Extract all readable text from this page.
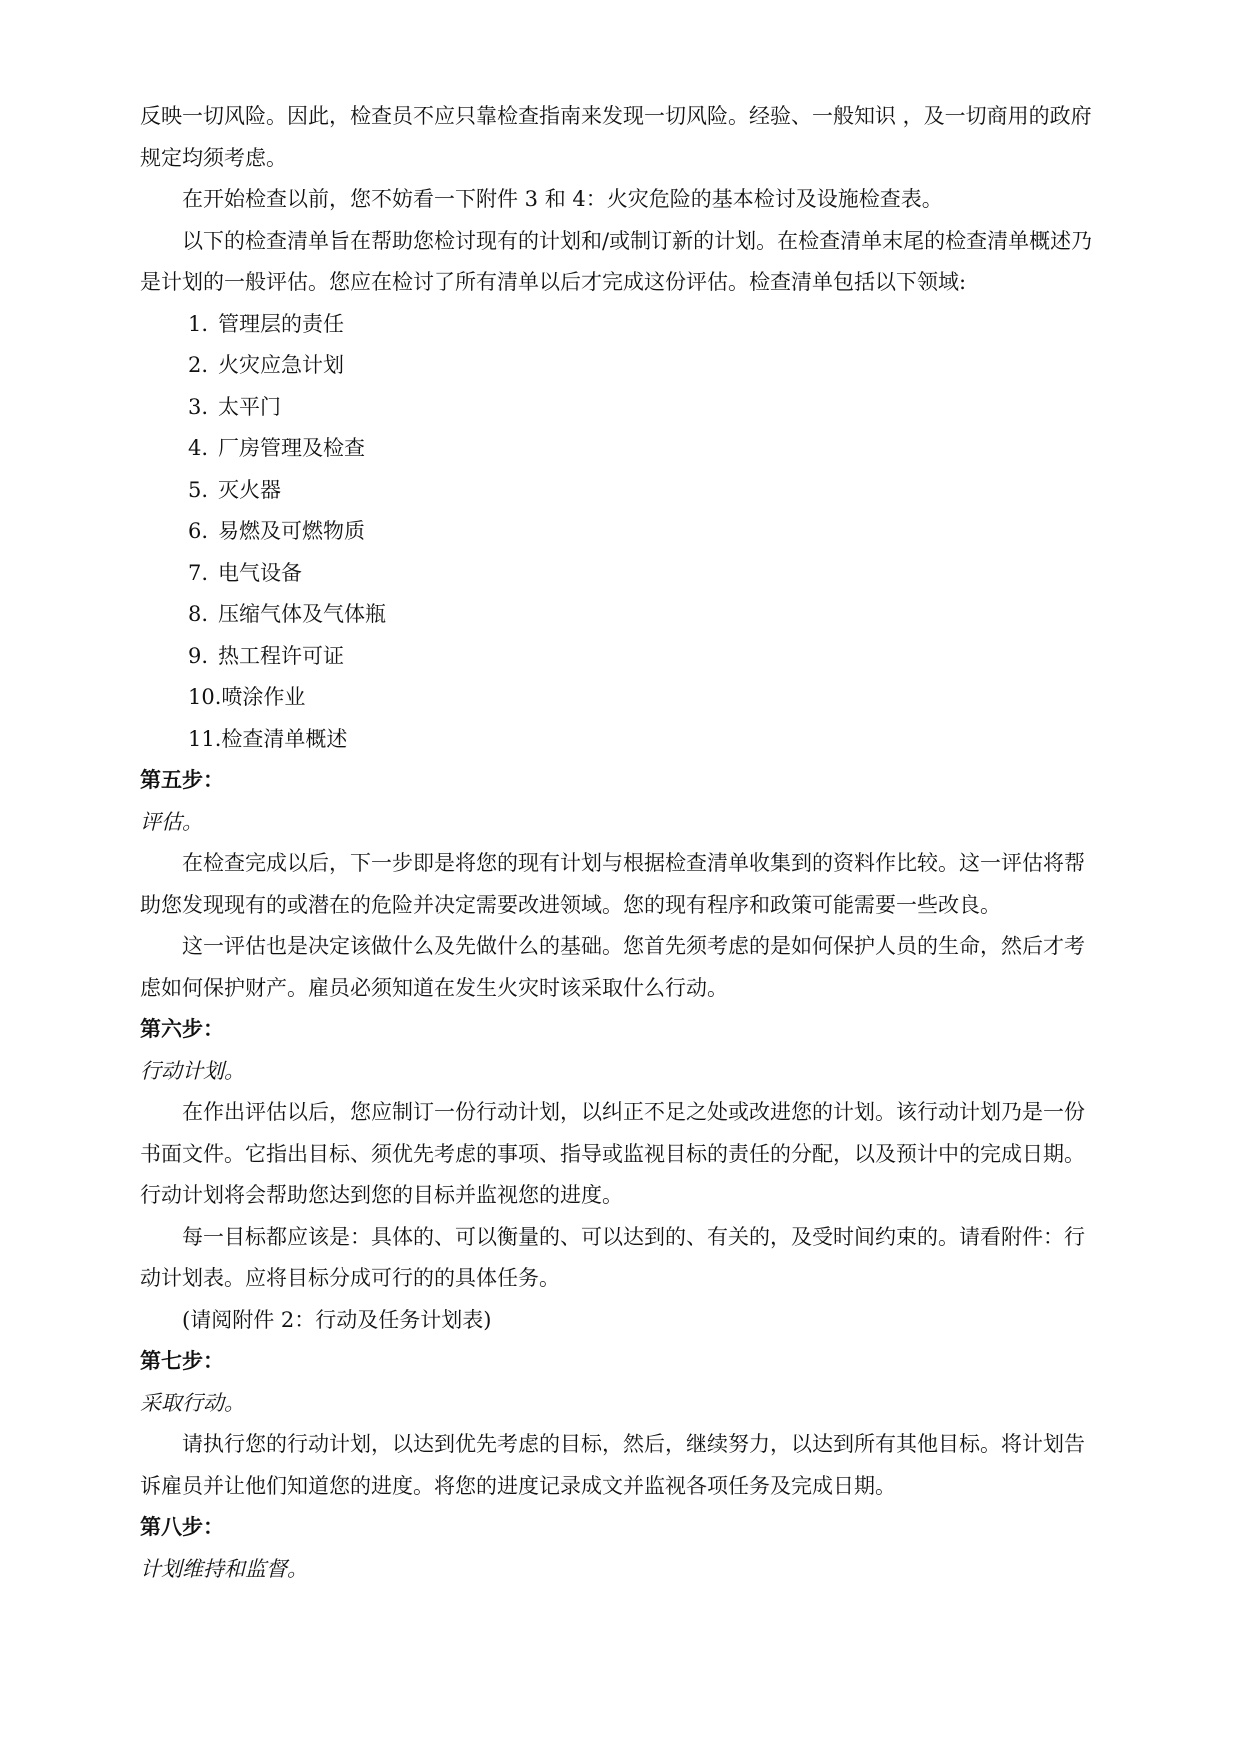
反映一切风险。因此，检查员不应只靠检查指南来发现一切风险。经验、一般知识 ，及一切商用的政府规定均须考虑。

在开始检查以前，您不妨看一下附件 3 和 4：火灾危险的基本检讨及设施检查表。

以下的检查清单旨在帮助您检讨现有的计划和/或制订新的计划。在检查清单末尾的检查清单概述乃是计划的一般评估。您应在检讨了所有清单以后才完成这份评估。检查清单包括以下领域:

1. 管理层的责任
2. 火灾应急计划
3. 太平门
4. 厂房管理及检查
5. 灭火器
6. 易燃及可燃物质
7. 电气设备
8. 压缩气体及气体瓶
9. 热工程许可证
10. 喷涂作业
11. 检查清单概述

第五步：

评估。

在检查完成以后，下一步即是将您的现有计划与根据检查清单收集到的资料作比较。这一评估将帮助您发现现有的或潜在的危险并决定需要改进领域。您的现有程序和政策可能需要一些改良。

这一评估也是决定该做什么及先做什么的基础。您首先须考虑的是如何保护人员的生命，然后才考虑如何保护财产。雇员必须知道在发生火灾时该采取什么行动。

第六步：

行动计划。

在作出评估以后，您应制订一份行动计划，以纠正不足之处或改进您的计划。该行动计划乃是一份书面文件。它指出目标、须优先考虑的事项、指导或监视目标的责任的分配，以及预计中的完成日期。行动计划将会帮助您达到您的目标并监视您的进度。

每一目标都应该是：具体的、可以衡量的、可以达到的、有关的，及受时间约束的。请看附件：行动计划表。应将目标分成可行的的具体任务。

(请阅附件 2：行动及任务计划表)

第七步：

采取行动。

请执行您的行动计划，以达到优先考虑的目标，然后，继续努力，以达到所有其他目标。将计划告诉雇员并让他们知道您的进度。将您的进度记录成文并监视各项任务及完成日期。

第八步：

计划维持和监督。
